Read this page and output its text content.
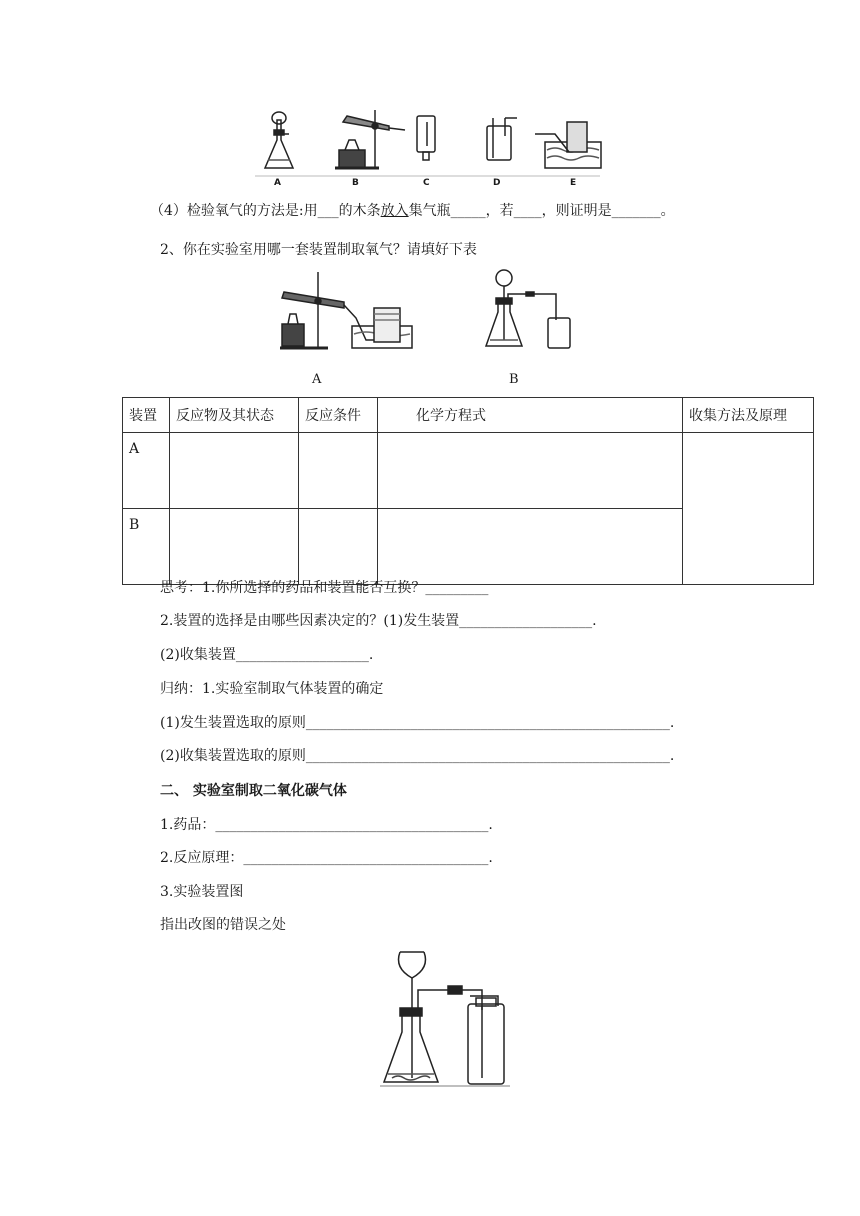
A	B	C	D	E
（4）检验氧气的方法是:用___的木条放入集气瓶_____，若____，则证明是_______。
2、你在实验室用哪一套装置制取氧气？请填好下表
A	B
装置	反应物及其状态	反应条件	化学方程式	收集方法及原理
A				
B				
思考：1.你所选择的药品和装置能否互换？_________
2.装置的选择是由哪些因素决定的？(1)发生装置___________________.
(2)收集装置___________________.
归纳：1.实验室制取气体装置的确定
(1)发生装置选取的原则____________________________________________________.
(2)收集装置选取的原则____________________________________________________.
二、 实验室制取二氧化碳气体
1.药品：_______________________________________.
2.反应原理：___________________________________.
3.实验装置图
指出改图的错误之处
